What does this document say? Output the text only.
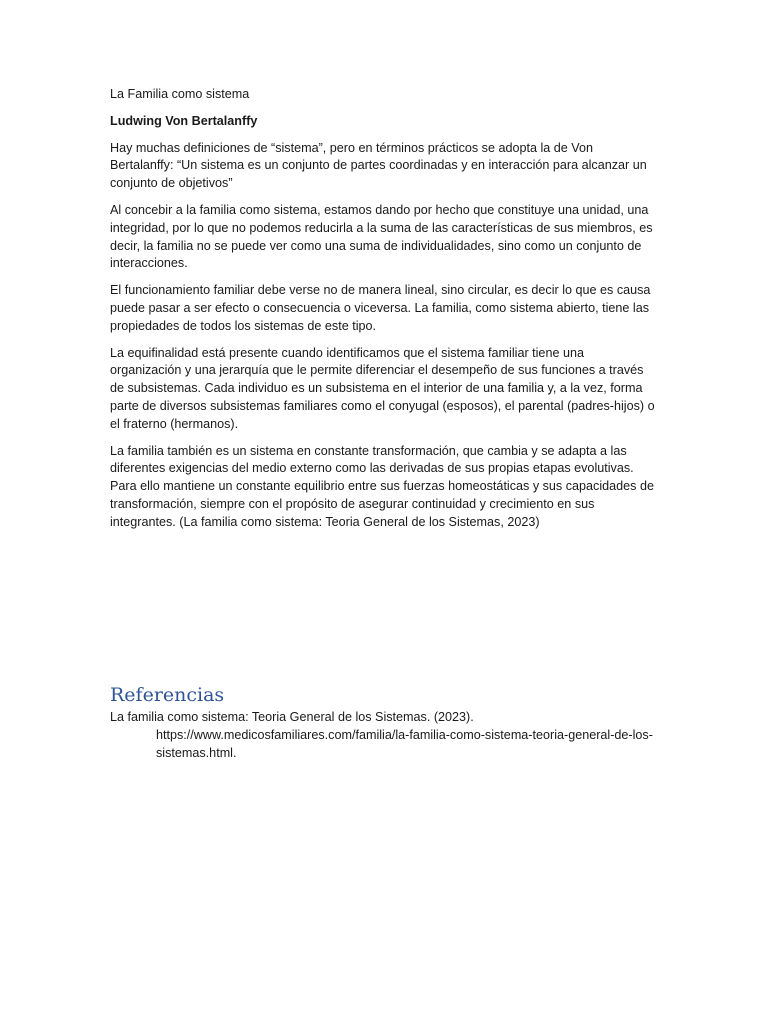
La Familia como sistema

Ludwing Von Bertalanffy

Hay muchas definiciones de “sistema”, pero en términos prácticos se adopta la de Von Bertalanffy: “Un sistema es un conjunto de partes coordinadas y en interacción para alcanzar un conjunto de objetivos”

Al concebir a la familia como sistema, estamos dando por hecho que constituye una unidad, una integridad, por lo que no podemos reducirla a la suma de las características de sus miembros, es decir, la familia no se puede ver como una suma de individualidades, sino como un conjunto de interacciones.

El funcionamiento familiar debe verse no de manera lineal, sino circular, es decir lo que es causa puede pasar a ser efecto o consecuencia o viceversa. La familia, como sistema abierto, tiene las propiedades de todos los sistemas de este tipo.

La equifinalidad está presente cuando identificamos que el sistema familiar tiene una organización y una jerarquía que le permite diferenciar el desempeño de sus funciones a través de subsistemas. Cada individuo es un subsistema en el interior de una familia y, a la vez, forma parte de diversos subsistemas familiares como el conyugal (esposos), el parental (padres-hijos) o el fraterno (hermanos).

La familia también es un sistema en constante transformación, que cambia y se adapta a las diferentes exigencias del medio externo como las derivadas de sus propias etapas evolutivas. Para ello mantiene un constante equilibrio entre sus fuerzas homeostáticas y sus capacidades de transformación, siempre con el propósito de asegurar continuidad y crecimiento en sus integrantes. (La familia como sistema: Teoria General de los Sistemas, 2023)

Referencias

La familia como sistema: Teoria General de los Sistemas. (2023). https://www.medicosfamiliares.com/familia/la-familia-como-sistema-teoria-general-de-los-sistemas.html.
